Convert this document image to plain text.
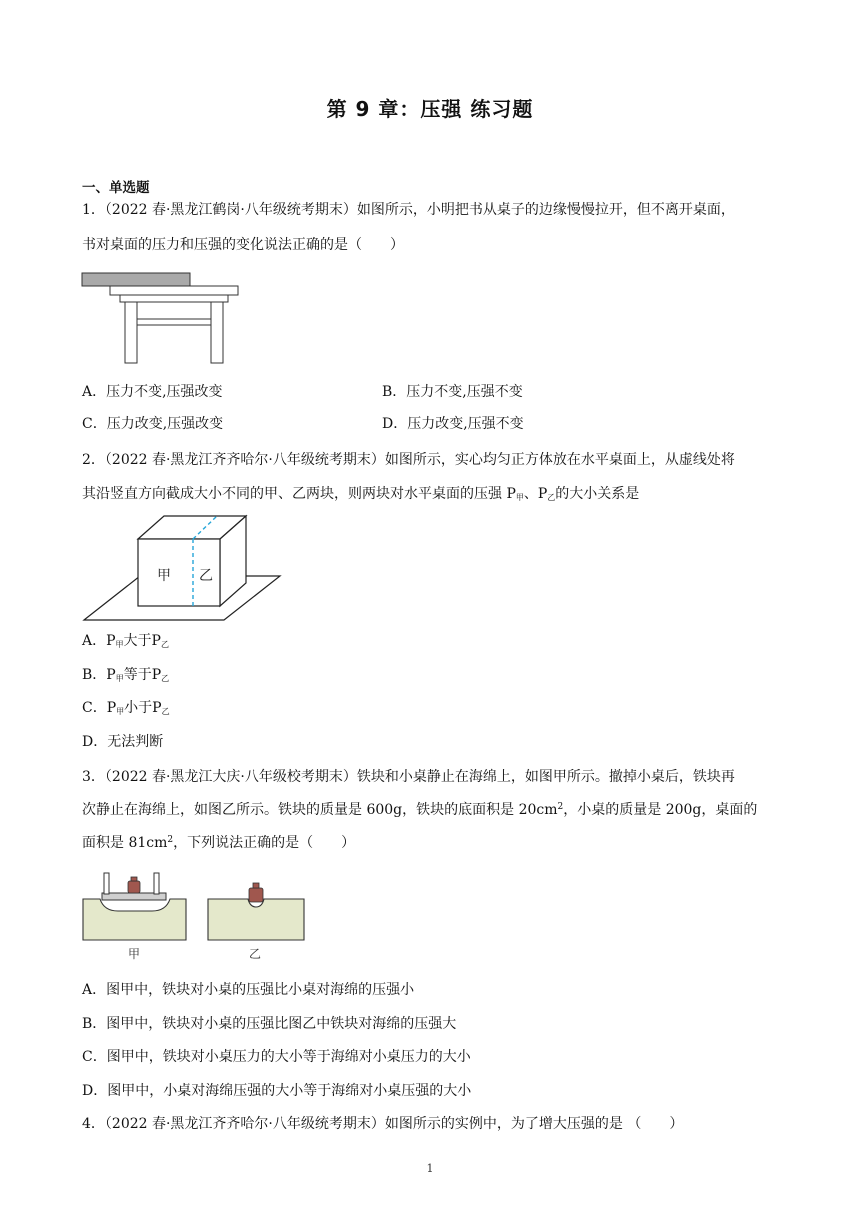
第 9 章：压强 练习题
一、单选题
1．（2022 春·黑龙江鹤岗·八年级统考期末）如图所示，小明把书从桌子的边缘慢慢拉开，但不离开桌面，
书对桌面的压力和压强的变化说法正确的是（　　）
A．压力不变,压强改变	B．压力不变,压强不变
C．压力改变,压强改变	D．压力改变,压强不变
2．（2022 春·黑龙江齐齐哈尔·八年级统考期末）如图所示，实心均匀正方体放在水平桌面上，从虚线处将
其沿竖直方向截成大小不同的甲、乙两块，则两块对水平桌面的压强 $P_甲$、$P_乙$的大小关系是
甲 乙
A．$P_甲$大于$P_乙$
B．$P_甲$等于$P_乙$
C．$P_甲$小于$P_乙$
D．无法判断
3．（2022 春·黑龙江大庆·八年级校考期末）铁块和小桌静止在海绵上，如图甲所示。撤掉小桌后，铁块再
次静止在海绵上，如图乙所示。铁块的质量是 600g，铁块的底面积是 $20cm^2$，小桌的质量是 200g，桌面的
面积是 $81cm^2$，下列说法正确的是（　　）
甲	乙
A．图甲中，铁块对小桌的压强比小桌对海绵的压强小
B．图甲中，铁块对小桌的压强比图乙中铁块对海绵的压强大
C．图甲中，铁块对小桌压力的大小等于海绵对小桌压力的大小
D．图甲中，小桌对海绵压强的大小等于海绵对小桌压强的大小
4．（2022 春·黑龙江齐齐哈尔·八年级统考期末）如图所示的实例中，为了增大压强的是 （　　）
1
